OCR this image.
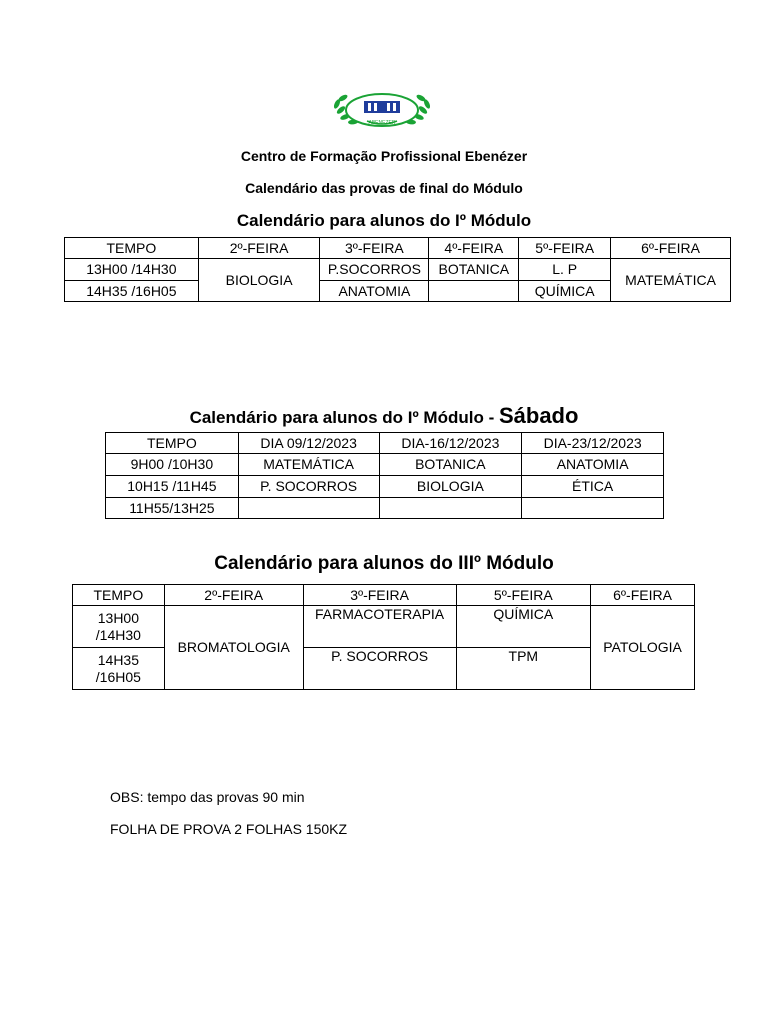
ABENEZER
Centro de Formação Profissional Ebenézer
Calendário das provas de final do Módulo
Calendário para alunos do Iº Módulo
TEMPO	2º-FEIRA	3º-FEIRA	4º-FEIRA	5º-FEIRA	6º-FEIRA
13H00 /14H30	BIOLOGIA	P.SOCORROS	BOTANICA	L. P	MATEMÁTICA
14H35 /16H05		ANATOMIA		QUÍMICA	
Calendário para alunos do Iº Módulo - Sábado
TEMPO	DIA 09/12/2023	DIA-16/12/2023	DIA-23/12/2023
9H00 /10H30	MATEMÁTICA	BOTANICA	ANATOMIA
10H15 /11H45	P. SOCORROS	BIOLOGIA	ÉTICA
11H55/13H25			
Calendário para alunos do IIIº Módulo
TEMPO	2º-FEIRA	3º-FEIRA	5º-FEIRA	6º-FEIRA

13H00
/14H30	BROMATOLOGIA	FARMACOTERAPIA	QUÍMICA	PATOLOGIA

14H35
/16H05		P. SOCORROS	TPM	
OBS: tempo das provas 90 min
FOLHA DE PROVA 2 FOLHAS 150KZ
